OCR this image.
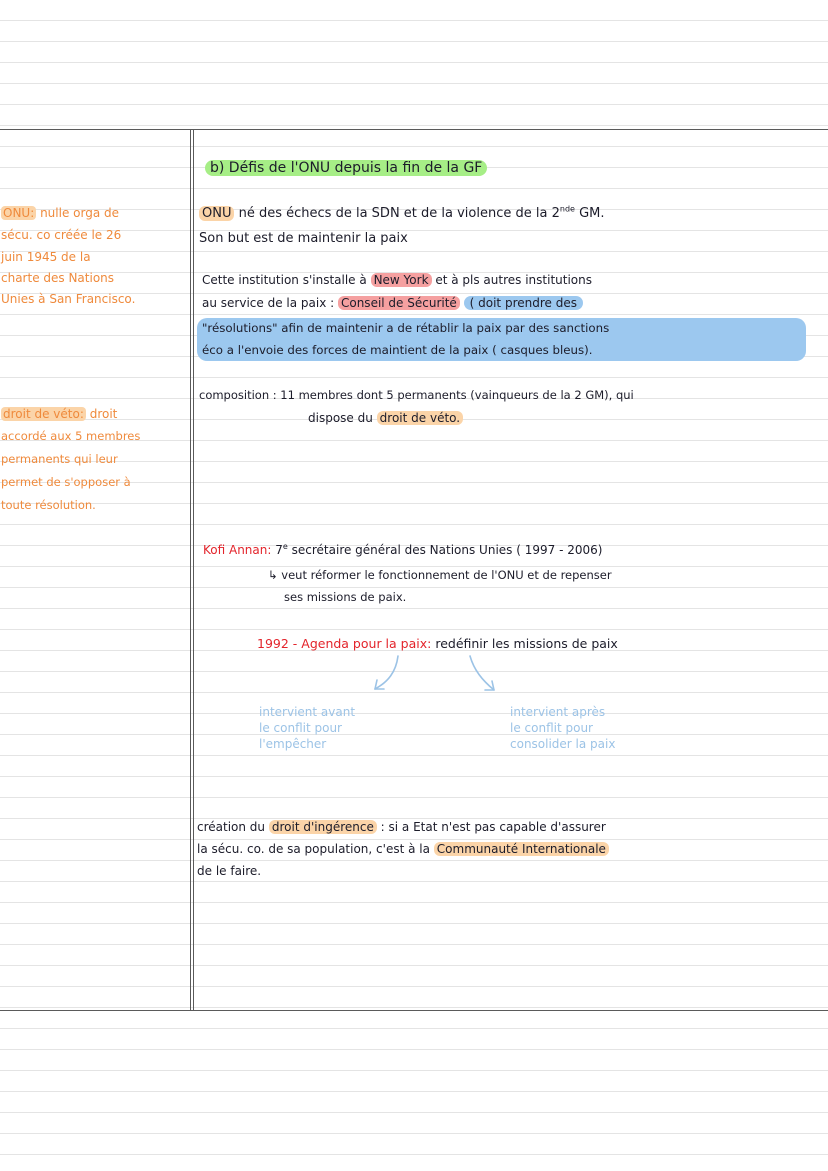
b) Défis de l'ONU depuis la fin de la GF

ONU: nulle orga de

sécu. co créée le 26

juin 1945 de la

charte des Nations

Unies à San Francisco.

droit de véto: droit

accordé aux 5 membres

permanents qui leur

permet de s'opposer à

toute résolution.

ONU né des échecs de la SDN et de la violence de la 2nde GM.

Son but est de maintenir la paix

Cette institution s'installe à New York et à pls autres institutions

au service de la paix : Conseil de Sécurité ( doit prendre des

"résolutions" afin de maintenir a de rétablir la paix par des sanctions

éco a l'envoie des forces de maintient de la paix ( casques bleus).

composition : 11 membres dont 5 permanents (vainqueurs de la 2 GM), qui

dispose du droit de véto.

Kofi Annan: 7e secrétaire général des Nations Unies ( 1997 - 2006)

↳ veut réformer le fonctionnement de l'ONU et de repenser

ses missions de paix.

1992 - Agenda pour la paix: redéfinir les missions de paix

intervient avant

le conflit pour

l'empêcher

intervient après

le conflit pour

consolider la paix

création du droit d'ingérence : si a Etat n'est pas capable d'assurer

la sécu. co. de sa population, c'est à la Communauté Internationale

de le faire.
